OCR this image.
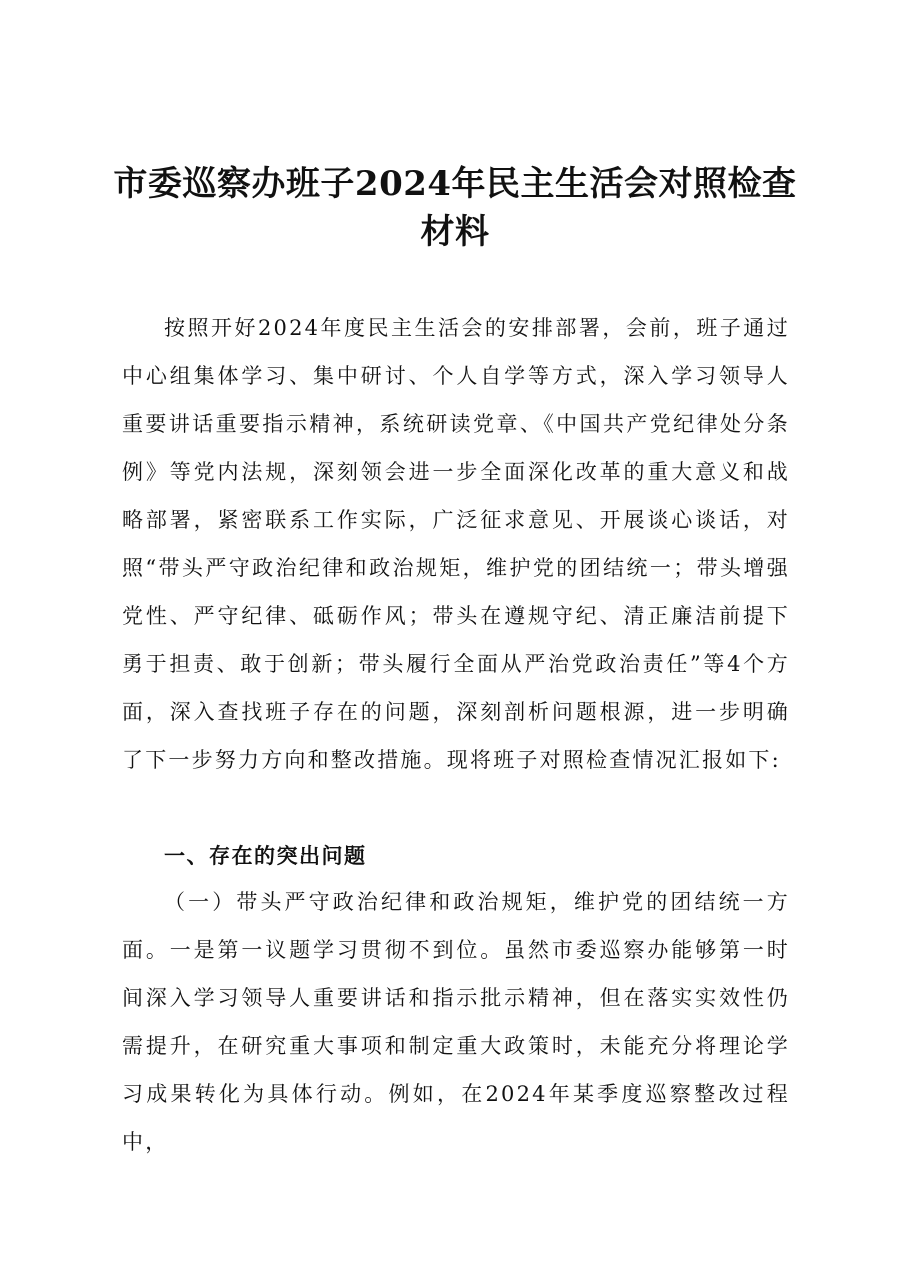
市委巡察办班子2024年民主生活会对照检查材料

按照开好2024年度民主生活会的安排部署，会前，班子通过中心组集体学习、集中研讨、个人自学等方式，深入学习领导人重要讲话重要指示精神，系统研读党章、《中国共产党纪律处分条例》等党内法规，深刻领会进一步全面深化改革的重大意义和战略部署，紧密联系工作实际，广泛征求意见、开展谈心谈话，对照“带头严守政治纪律和政治规矩，维护党的团结统一；带头增强党性、严守纪律、砥砺作风；带头在遵规守纪、清正廉洁前提下勇于担责、敢于创新；带头履行全面从严治党政治责任”等4个方面，深入查找班子存在的问题，深刻剖析问题根源，进一步明确了下一步努力方向和整改措施。现将班子对照检查情况汇报如下:

一、存在的突出问题

（一）带头严守政治纪律和政治规矩，维护党的团结统一方面。一是第一议题学习贯彻不到位。虽然市委巡察办能够第一时间深入学习领导人重要讲话和指示批示精神，但在落实实效性仍需提升，在研究重大事项和制定重大政策时，未能充分将理论学习成果转化为具体行动。例如，在2024年某季度巡察整改过程中，
